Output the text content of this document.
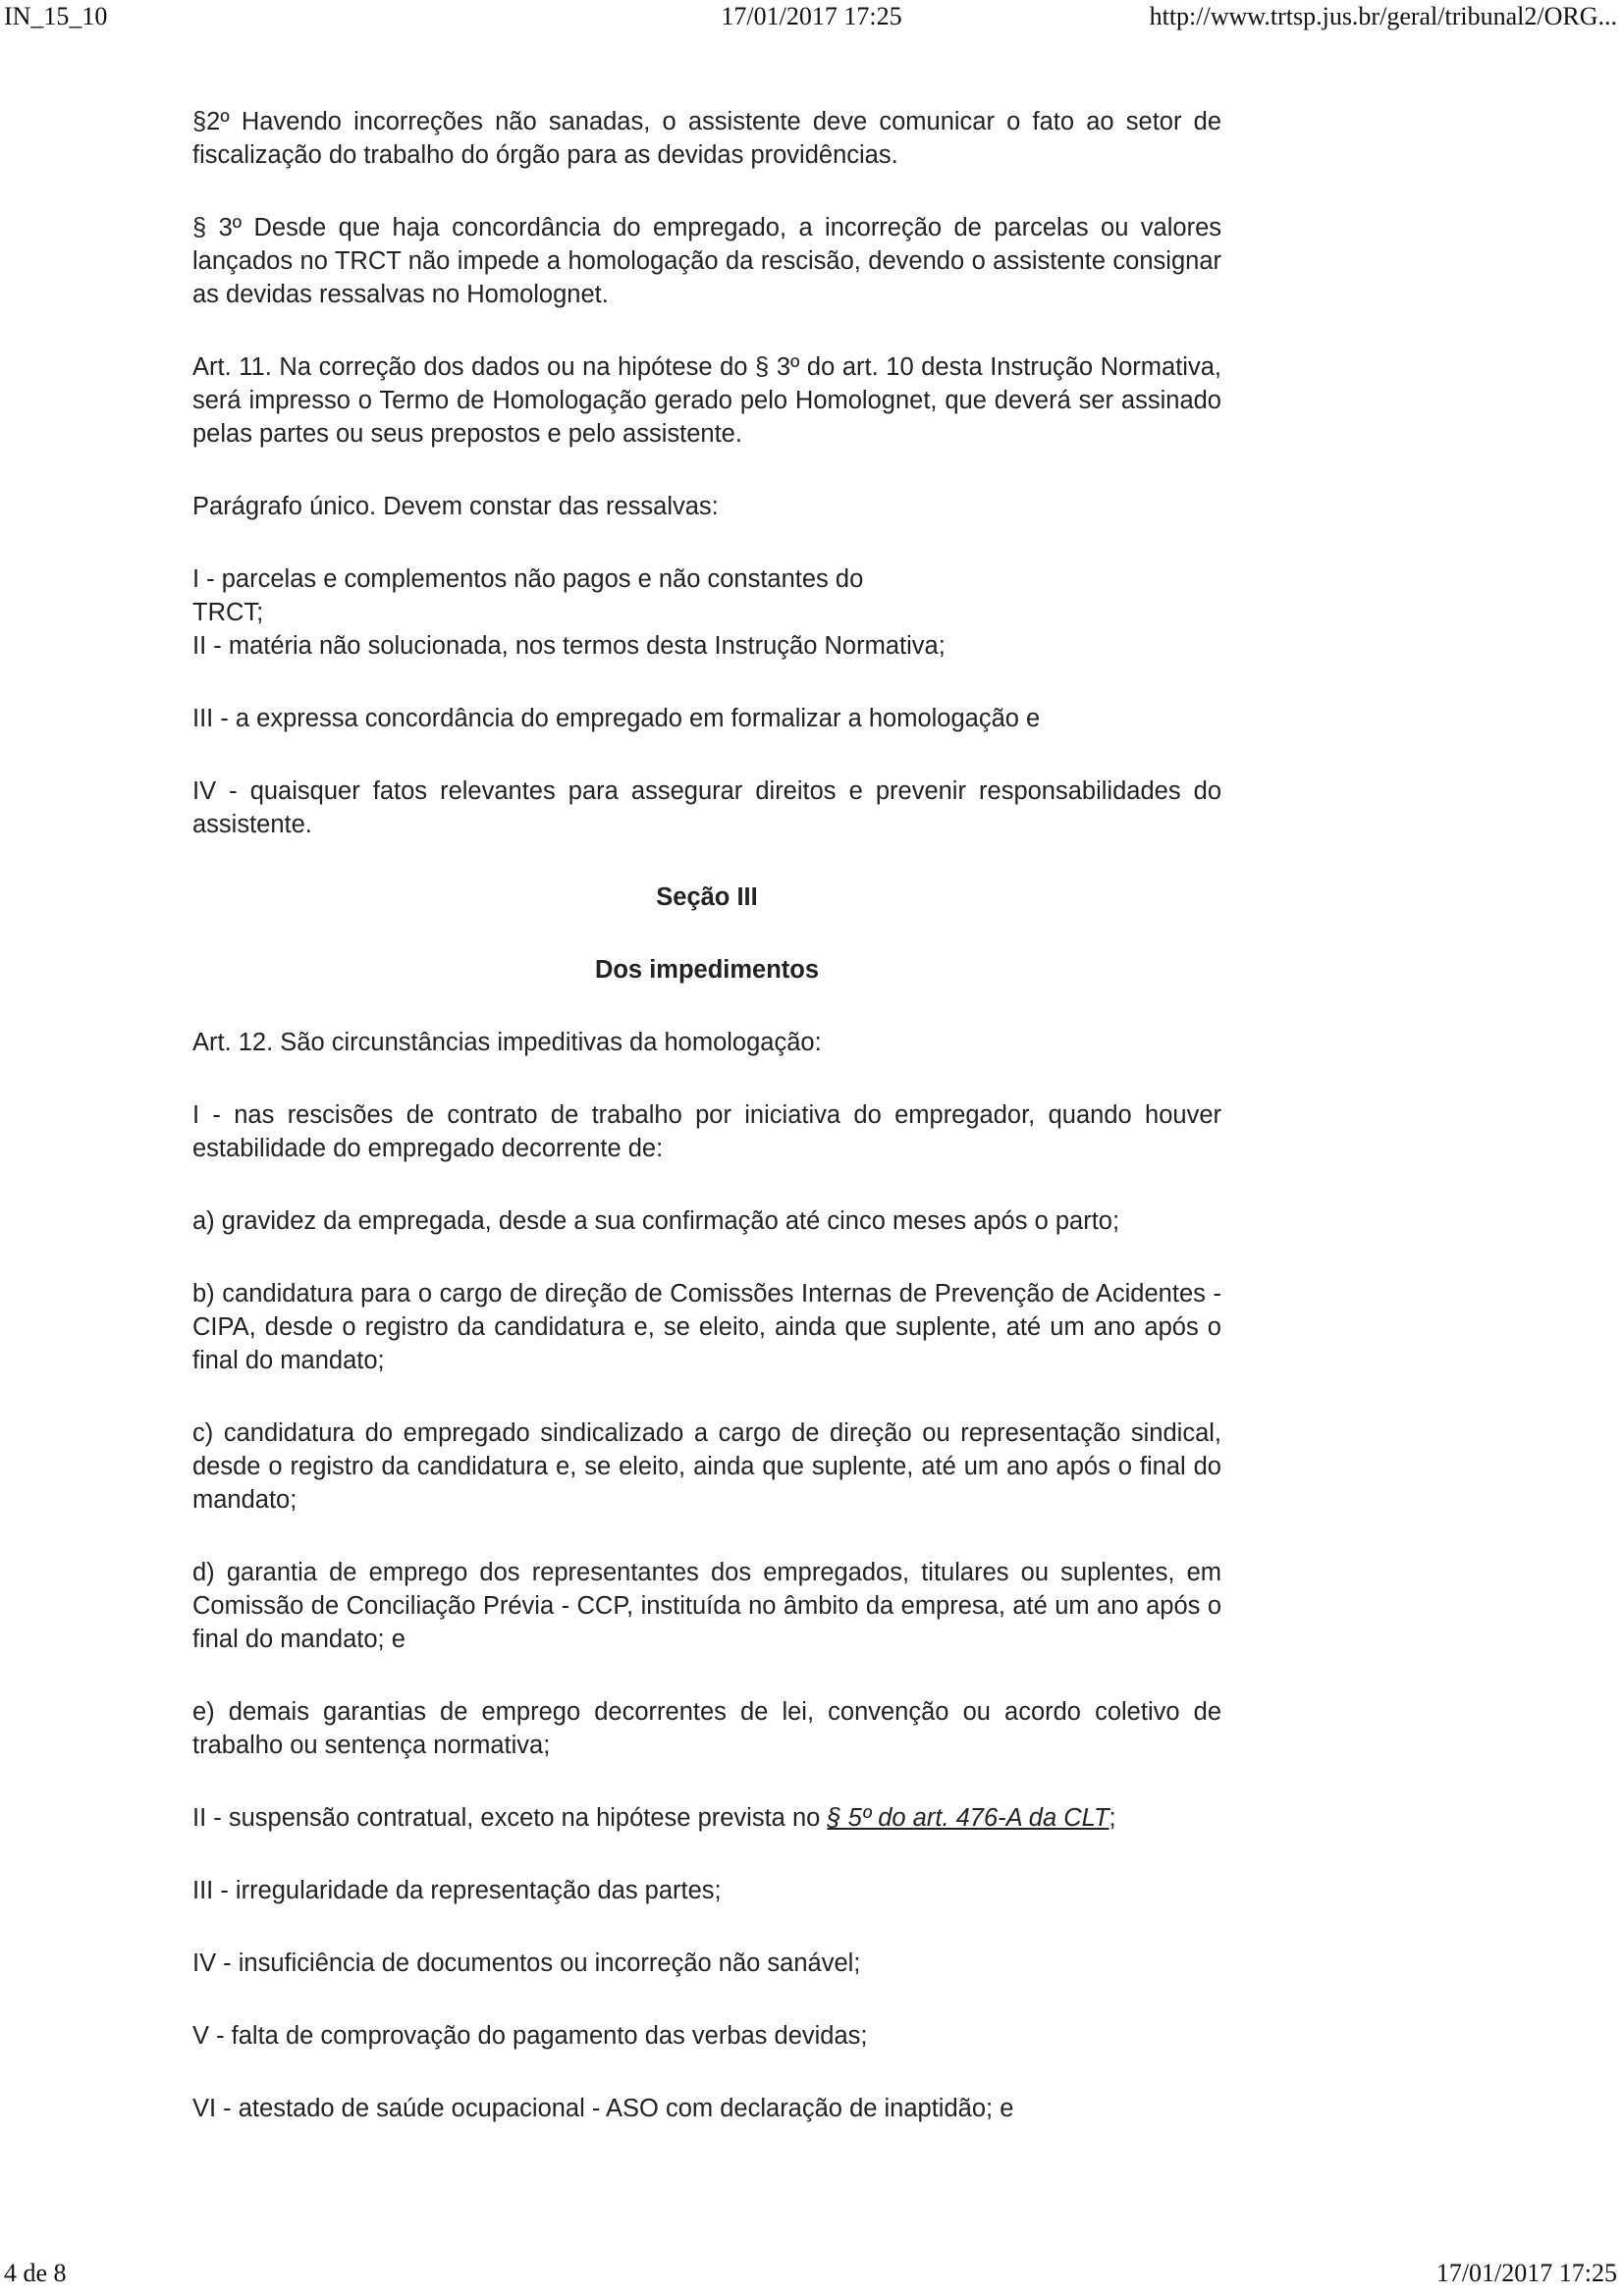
IN_15_10	17/01/2017 17:25	http://www.trtsp.jus.br/geral/tribunal2/ORG...

§2º Havendo incorreções não sanadas, o assistente deve comunicar o fato ao setor de fiscalização do trabalho do órgão para as devidas providências.

§ 3º Desde que haja concordância do empregado, a incorreção de parcelas ou valores lançados no TRCT não impede a homologação da rescisão, devendo o assistente consignar as devidas ressalvas no Homolognet.

Art. 11. Na correção dos dados ou na hipótese do § 3º do art. 10 desta Instrução Normativa, será impresso o Termo de Homologação gerado pelo Homolognet, que deverá ser assinado pelas partes ou seus prepostos e pelo assistente.

Parágrafo único. Devem constar das ressalvas:

I - parcelas e complementos não pagos e não constantes do
TRCT;
II - matéria não solucionada, nos termos desta Instrução Normativa;

III - a expressa concordância do empregado em formalizar a homologação e

IV - quaisquer fatos relevantes para assegurar direitos e prevenir responsabilidades do assistente.

Seção III

Dos impedimentos

Art. 12. São circunstâncias impeditivas da homologação:

I - nas rescisões de contrato de trabalho por iniciativa do empregador, quando houver estabilidade do empregado decorrente de:

a) gravidez da empregada, desde a sua confirmação até cinco meses após o parto;

b) candidatura para o cargo de direção de Comissões Internas de Prevenção de Acidentes - CIPA, desde o registro da candidatura e, se eleito, ainda que suplente, até um ano após o final do mandato;

c) candidatura do empregado sindicalizado a cargo de direção ou representação sindical, desde o registro da candidatura e, se eleito, ainda que suplente, até um ano após o final do mandato;

d) garantia de emprego dos representantes dos empregados, titulares ou suplentes, em Comissão de Conciliação Prévia - CCP, instituída no âmbito da empresa, até um ano após o final do mandato; e

e) demais garantias de emprego decorrentes de lei, convenção ou acordo coletivo de trabalho ou sentença normativa;

II - suspensão contratual, exceto na hipótese prevista no § 5º do art. 476-A da CLT;

III - irregularidade da representação das partes;

IV - insuficiência de documentos ou incorreção não sanável;

V - falta de comprovação do pagamento das verbas devidas;

VI - atestado de saúde ocupacional - ASO com declaração de inaptidão; e

4 de 8	17/01/2017 17:25
